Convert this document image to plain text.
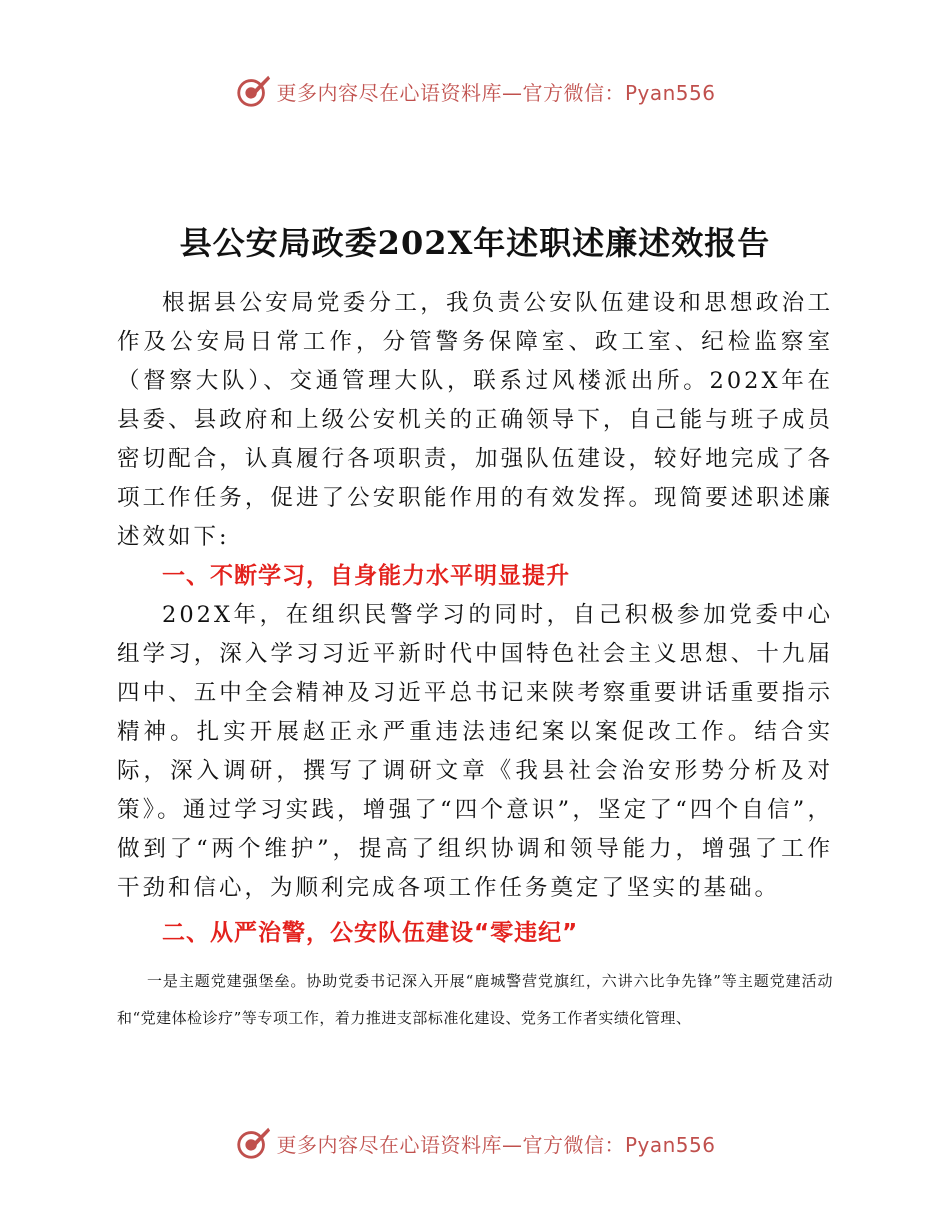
更多内容尽在心语资料库—官方微信：Pyan556
县公安局政委202X年述职述廉述效报告

根据县公安局党委分工，我负责公安队伍建设和思想政治工作及公安局日常工作，分管警务保障室、政工室、纪检监察室（督察大队）、交通管理大队，联系过风楼派出所。202X年在县委、县政府和上级公安机关的正确领导下，自己能与班子成员密切配合，认真履行各项职责，加强队伍建设，较好地完成了各项工作任务，促进了公安职能作用的有效发挥。现简要述职述廉述效如下:

一、不断学习，自身能力水平明显提升

202X年，在组织民警学习的同时，自己积极参加党委中心组学习，深入学习习近平新时代中国特色社会主义思想、十九届四中、五中全会精神及习近平总书记来陕考察重要讲话重要指示精神。扎实开展赵正永严重违法违纪案以案促改工作。结合实际，深入调研，撰写了调研文章《我县社会治安形势分析及对策》。通过学习实践，增强了“四个意识”，坚定了“四个自信”，做到了“两个维护”，提高了组织协调和领导能力，增强了工作干劲和信心，为顺利完成各项工作任务奠定了坚实的基础。

二、从严治警，公安队伍建设“零违纪”

一是主题党建强堡垒。协助党委书记深入开展“鹿城警营党旗红，六讲六比争先锋”等主题党建活动和“党建体检诊疗”等专项工作，着力推进支部标准化建设、党务工作者实绩化管理、

更多内容尽在心语资料库—官方微信：Pyan556
